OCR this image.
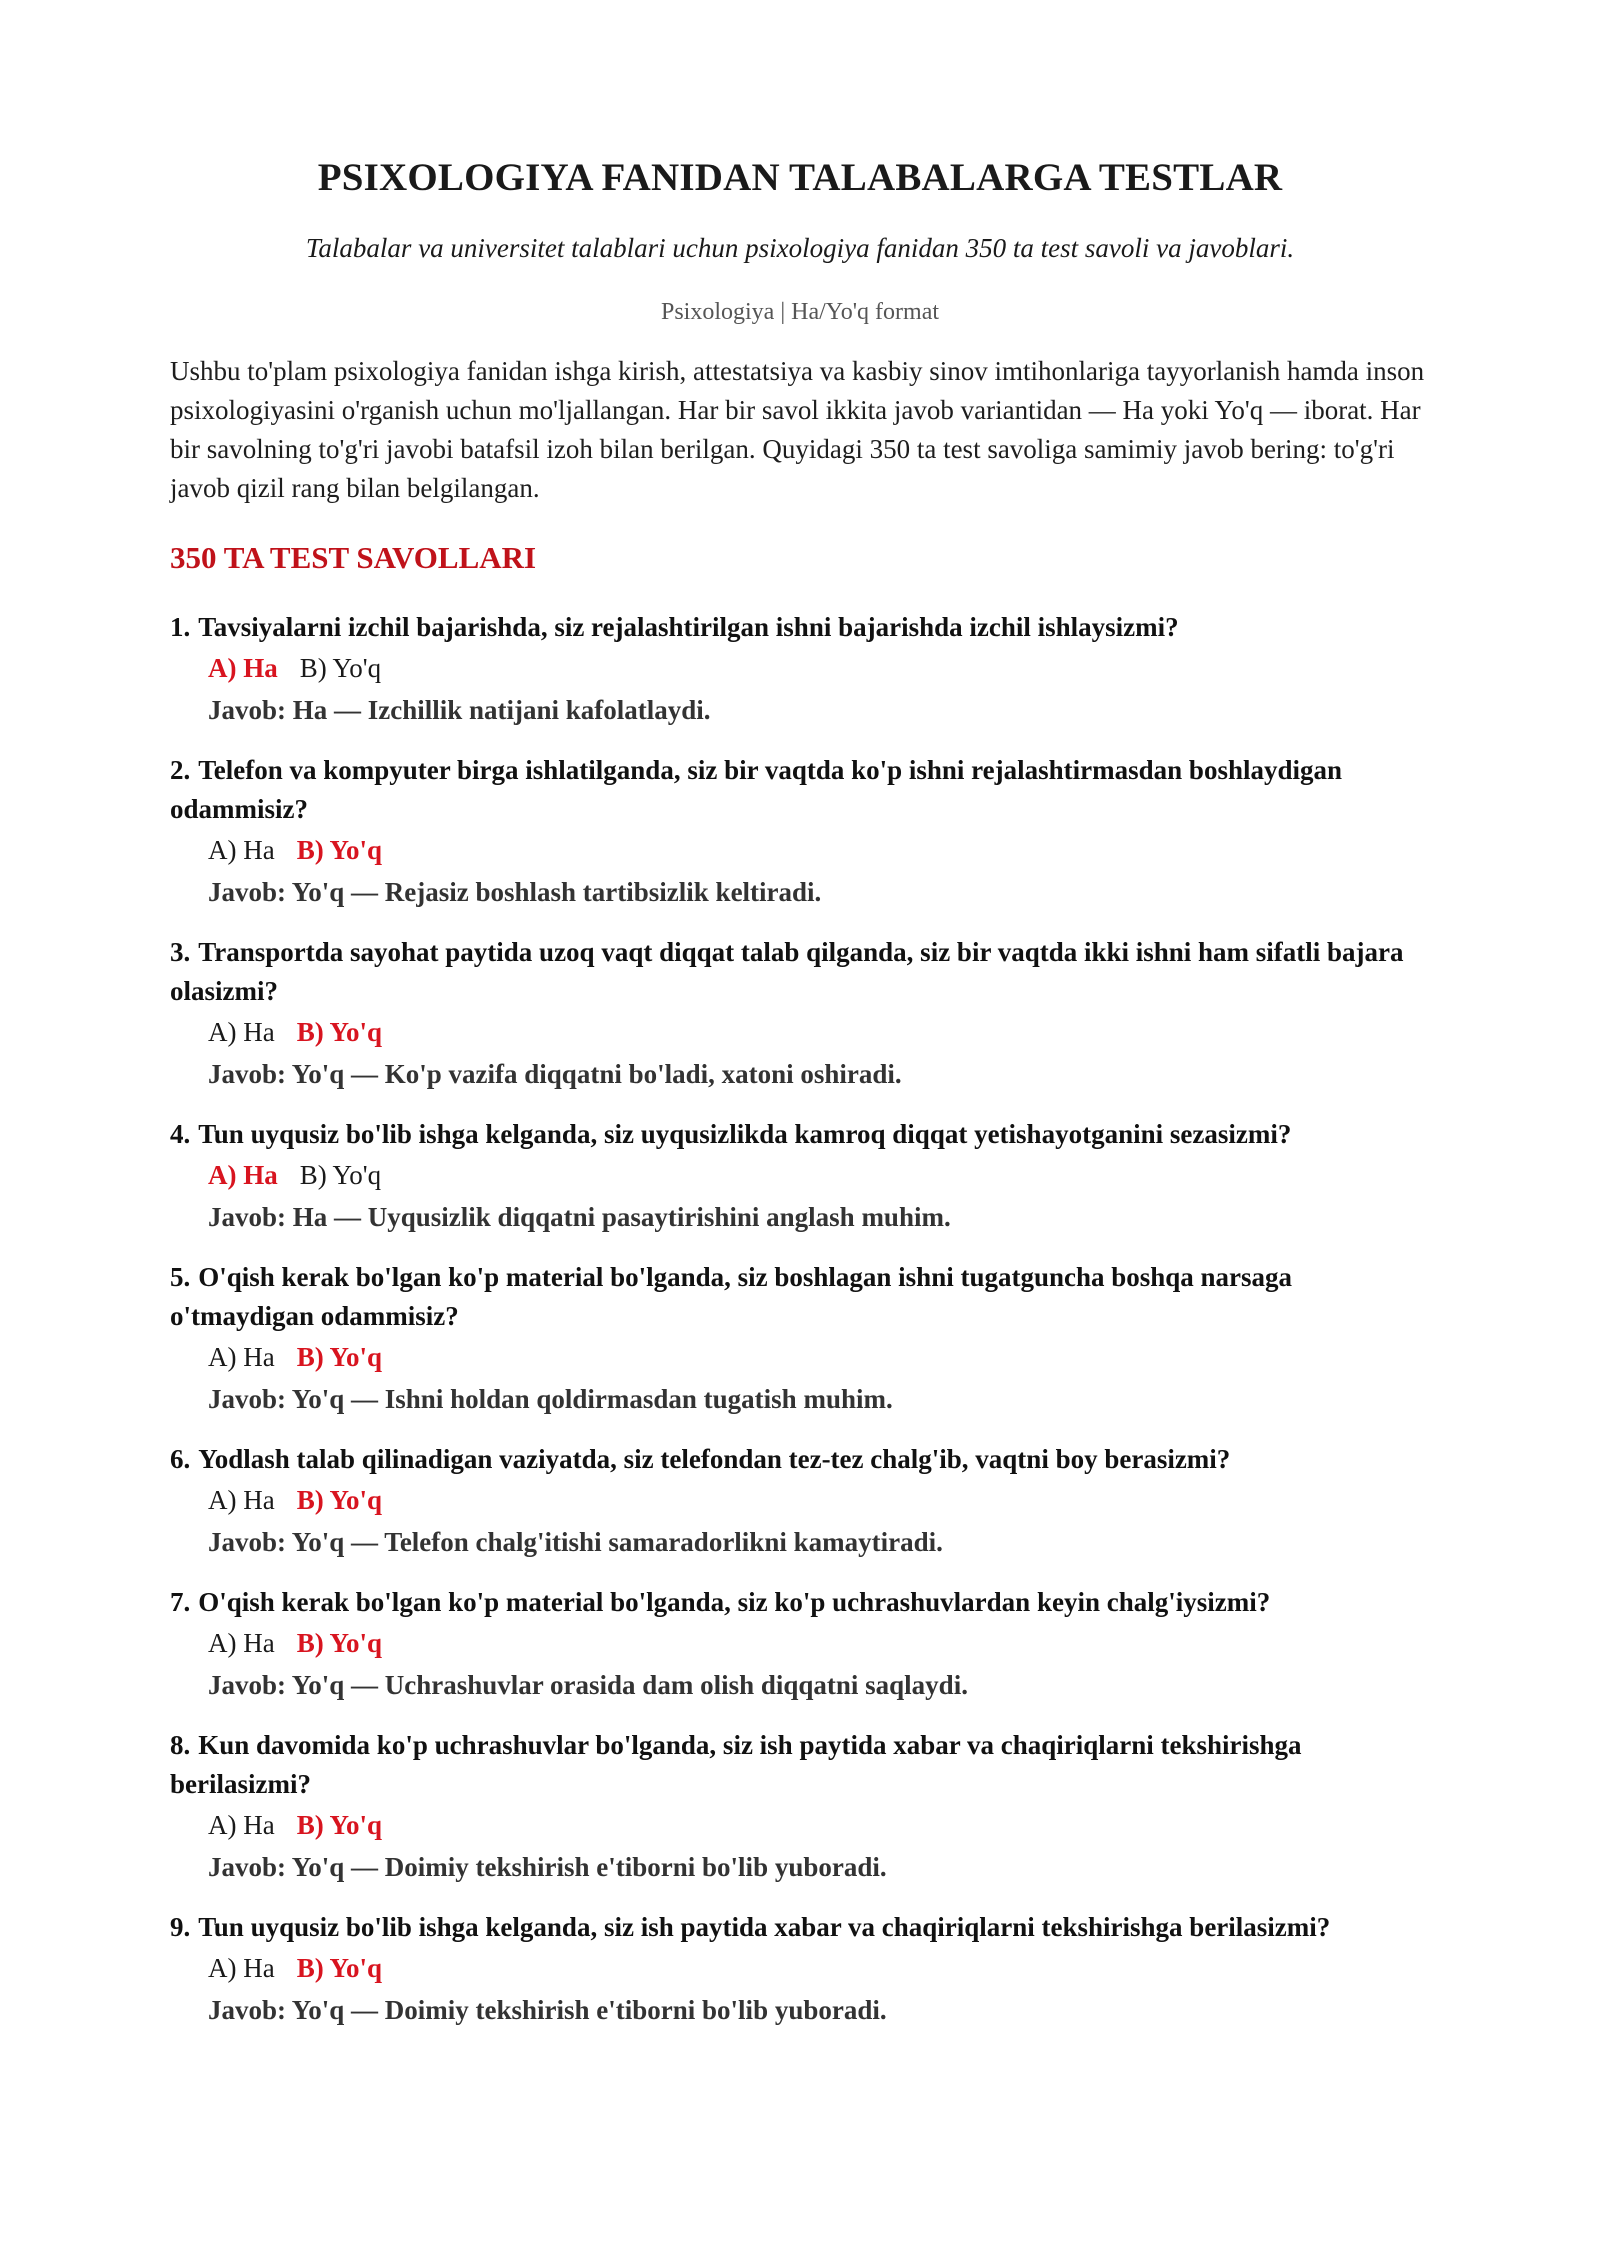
PSIXOLOGIYA FANIDAN TALABALARGA TESTLAR

Talabalar va universitet talablari uchun psixologiya fanidan 350 ta test savoli va javoblari.

Psixologiya | Ha/Yo'q format

Ushbu to'plam psixologiya fanidan ishga kirish, attestatsiya va kasbiy sinov imtihonlariga tayyorlanish hamda inson psixologiyasini o'rganish uchun mo'ljallangan. Har bir savol ikkita javob variantidan — Ha yoki Yo'q — iborat. Har bir savolning to'g'ri javobi batafsil izoh bilan berilgan. Quyidagi 350 ta test savoliga samimiy javob bering: to'g'ri javob qizil rang bilan belgilangan.

350 TA TEST SAVOLLARI

1. Tavsiyalarni izchil bajarishda, siz rejalashtirilgan ishni bajarishda izchil ishlaysizmi?

A) Ha B) Yo'q

Javob: Ha — Izchillik natijani kafolatlaydi.

2. Telefon va kompyuter birga ishlatilganda, siz bir vaqtda ko'p ishni rejalashtirmasdan boshlaydigan odammisiz?

A) Ha B) Yo'q

Javob: Yo'q — Rejasiz boshlash tartibsizlik keltiradi.

3. Transportda sayohat paytida uzoq vaqt diqqat talab qilganda, siz bir vaqtda ikki ishni ham sifatli bajara olasizmi?

A) Ha B) Yo'q

Javob: Yo'q — Ko'p vazifa diqqatni bo'ladi, xatoni oshiradi.

4. Tun uyqusiz bo'lib ishga kelganda, siz uyqusizlikda kamroq diqqat yetishayotganini sezasizmi?

A) Ha B) Yo'q

Javob: Ha — Uyqusizlik diqqatni pasaytirishini anglash muhim.

5. O'qish kerak bo'lgan ko'p material bo'lganda, siz boshlagan ishni tugatguncha boshqa narsaga o'tmaydigan odammisiz?

A) Ha B) Yo'q

Javob: Yo'q — Ishni holdan qoldirmasdan tugatish muhim.

6. Yodlash talab qilinadigan vaziyatda, siz telefondan tez-tez chalg'ib, vaqtni boy berasizmi?

A) Ha B) Yo'q

Javob: Yo'q — Telefon chalg'itishi samaradorlikni kamaytiradi.

7. O'qish kerak bo'lgan ko'p material bo'lganda, siz ko'p uchrashuvlardan keyin chalg'iysizmi?

A) Ha B) Yo'q

Javob: Yo'q — Uchrashuvlar orasida dam olish diqqatni saqlaydi.

8. Kun davomida ko'p uchrashuvlar bo'lganda, siz ish paytida xabar va chaqiriqlarni tekshirishga berilasizmi?

A) Ha B) Yo'q

Javob: Yo'q — Doimiy tekshirish e'tiborni bo'lib yuboradi.

9. Tun uyqusiz bo'lib ishga kelganda, siz ish paytida xabar va chaqiriqlarni tekshirishga berilasizmi?

A) Ha B) Yo'q

Javob: Yo'q — Doimiy tekshirish e'tiborni bo'lib yuboradi.
